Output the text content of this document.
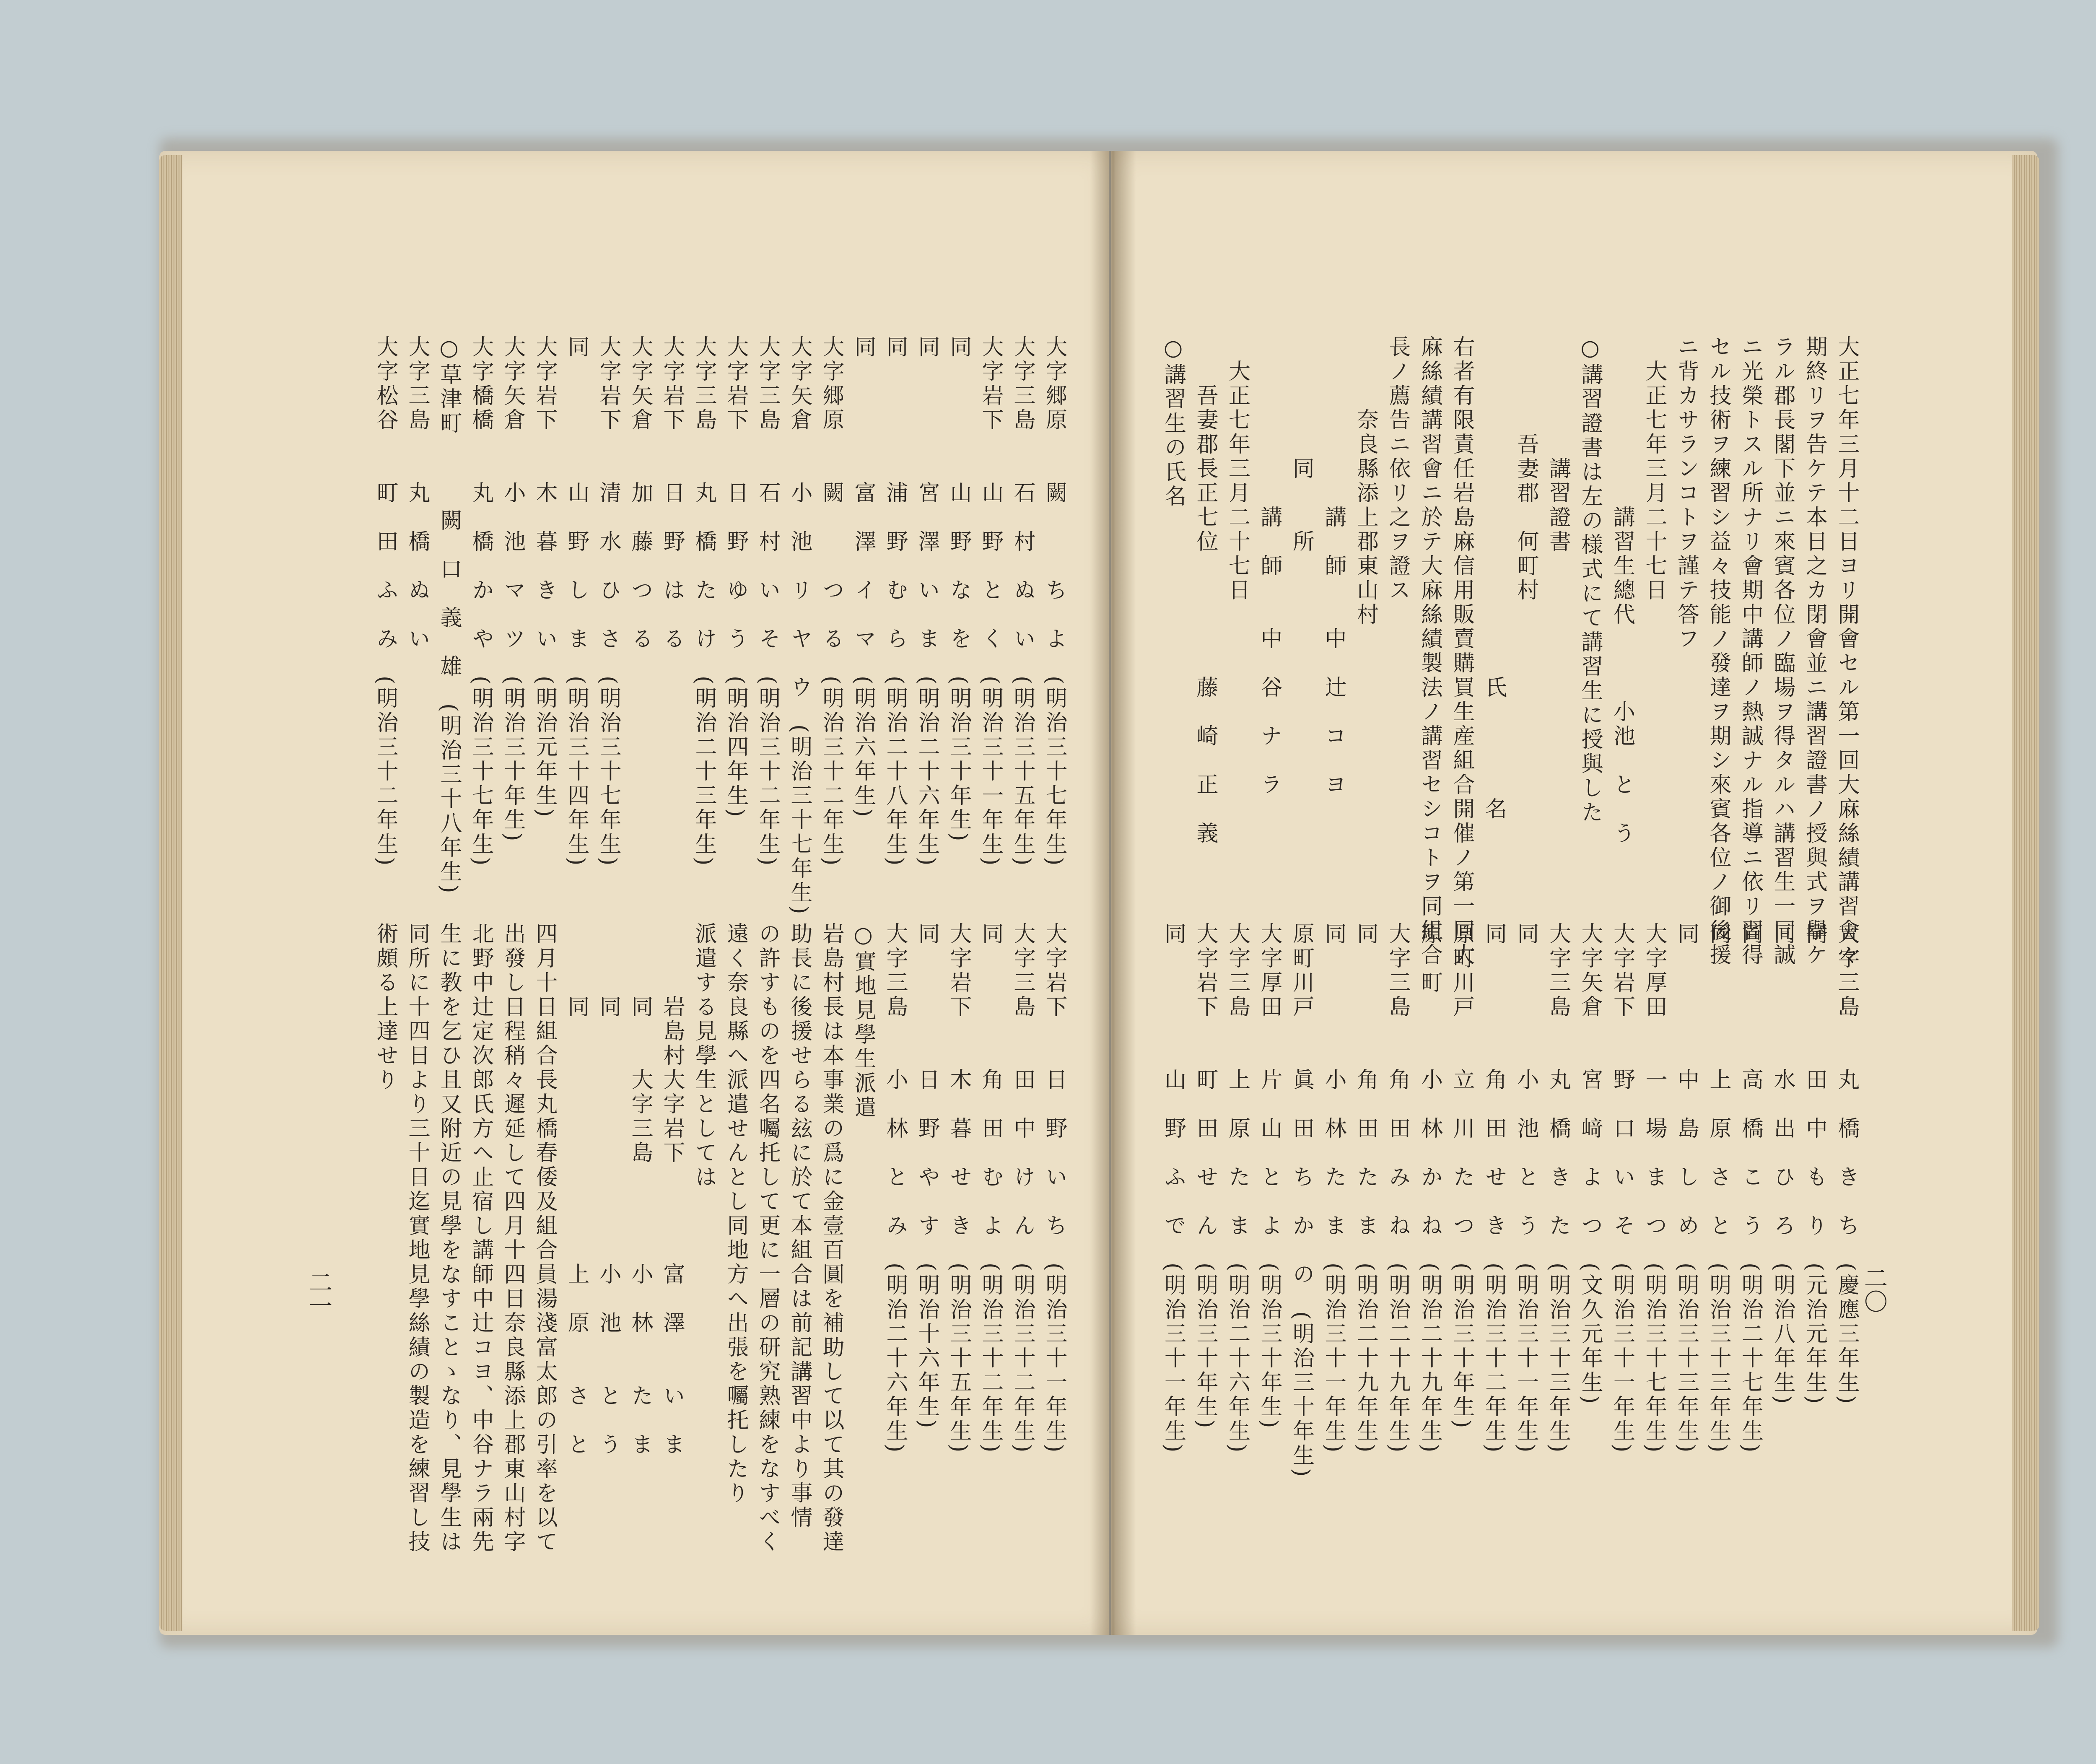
大正七年三月十二日ヨリ開會セル第一回大麻絲績講習會々
期終リヲ告ケテ本日之カ閉會並ニ講習證書ノ授與式ヲ擧ケ
ラル郡長閣下並ニ來賓各位ノ臨場ヲ得タルハ講習生一同誠
ニ光榮トスル所ナリ會期中講師ノ熱誠ナル指導ニ依リ習得
セル技術ヲ練習シ益々技能ノ發達ヲ期シ來賓各位ノ御後援
ニ背カサランコトヲ謹テ答フ
　大正七年三月二十七日
　　　　　　　講習生總代　　　小池　と　う
○講習證書は左の様式にて講習生に授與した
　　　　　講習證書
　　　　吾妻郡　何町村
　　　　　　　　　　　　　　氏　　　　名
右者有限責任岩島麻信用販賣購買生産組合開催ノ第一回大
麻絲績講習會ニ於テ大麻絲績製法ノ講習セシコトヲ同組合
長ノ薦告ニ依リ之ヲ證ス
　　　奈良縣添上郡東山村
　　　　　　　講　師　　中　辻　コ　ヨ
　　　　　同　　所
　　　　　　　講　師　　中　谷　ナ　ラ
　大正七年三月二十七日
　　吾妻郡長正七位　　　　　藤　崎　正　義
○講習生の氏名
大字三島　　丸　橋　き　ち　(慶應三年生)
同　　　　　田　中　も　り　(元治元年生)
同　　　　　水　出　ひ　ろ　(明治八年生)
同　　　　　高　橋　こ　う　(明治二十七年生)
同　　　　　上　原　さ　と　(明治三十三年生)
同　　　　　中　島　し　め　(明治三十三年生)
大字厚田　　一　場　ま　つ　(明治三十七年生)
大字岩下　　野　口　い　そ　(明治三十一年生)
大字矢倉　　宮　﨑　よ　つ　(文久元年生)
大字三島　　丸　橋　き　た　(明治三十三年生)
同　　　　　小　池　と　う　(明治三十一年生)
同　　　　　角　田　せ　き　(明治三十二年生)
原町川戸　　立　川　た　つ　(明治三十年生)
原　町　　　小　林　か　ね　(明治二十九年生)
大字三島　　角　田　み　ね　(明治二十九年生)
同　　　　　角　田　た　ま　(明治二十九年生)
同　　　　　小　林　た　ま　(明治三十一年生)
原町川戸　　眞　田　ち　か　の　(明治三十年生)
大字厚田　　片　山　と　よ　(明治三十年生)
大字三島　　上　原　た　ま　(明治二十六年生)
大字岩下　　町　田　せ　ん　(明治三十年生)
同　　　　　山　野　ふ　で　(明治三十一年生)	二〇
大字郷原　　闕　　　ち　よ　(明治三十七年生)
大字三島　　石　村　ぬ　い　(明治三十五年生)
大字岩下　　山　野　と　く　(明治三十一年生)
同　　　　　山　野　な　を　(明治三十年生)
同　　　　　宮　澤　い　ま　(明治二十六年生)
同　　　　　浦　野　む　ら　(明治二十八年生)
同　　　　　富　澤　イ　マ　(明治六年生)
大字郷原　　闕　　　つ　る　(明治三十二年生)
大字矢倉　　小　池　リ　ヤ　ウ　(明治三十七年生)
大字三島　　石　村　い　そ　(明治三十二年生)
大字岩下　　日　野　ゆ　う　(明治四年生)
大字三島　　丸　橋　た　け　(明治二十三年生)
大字岩下　　日　野　は　る
大字矢倉　　加　藤　つ　る
大字岩下　　清　水　ひ　さ　(明治三十七年生)
同　　　　　山　野　し　ま　(明治三十四年生)
大字岩下　　木　暮　き　い　(明治元年生)
大字矢倉　　小　池　マ　ツ　(明治三十年生)
大字橋橋　　丸　橋　か　や　(明治三十七年生)
○草津町　　　闕　口　義　雄　(明治三十八年生)
大字三島　　丸　橋　ぬ　い
大字松谷　　町　田　ふ　み　(明治三十二年生)
大字岩下　　日　野　い　ち　(明治三十一年生)
大字三島　　田　中　け　ん　(明治三十二年生)
同　　　　　角　田　む　よ　(明治三十二年生)
大字岩下　　木　暮　せ　き　(明治三十五年生)
同　　　　　日　野　や　す　(明治十六年生)
大字三島　　小　林　と　み　(明治二十六年生)
○實地見學生派遣
岩島村長は本事業の爲に金壹百圓を補助して以て其の發達
助長に後援せらる玆に於て本組合は前記講習中より事情
の許すものを四名囑托して更に一層の研究熟練をなすべく
遠く奈良縣へ派遣せんとし同地方へ出張を囑托したり
派遣する見學生としては
　　　岩島村大字岩下　　　　富　澤　　い　ま
　　　同　　大字三島　　　　小　林　　た　ま
　　　同　　　　　　　　　　小　池　　と　う
　　　同　　　　　　　　　　上　原　　さ　と
四月十日組合長丸橋春倭及組合員湯淺富太郎の引率を以て
出發し日程稍々遲延して四月十四日奈良縣添上郡東山村字
北野中辻定次郎氏方へ止宿し講師中辻コヨ、中谷ナラ兩先
生に教を乞ひ且又附近の見學をなすことゝなり、見學生は
同所に十四日より三十日迄實地見學絲績の製造を練習し技
術頗る上達せり
二一
